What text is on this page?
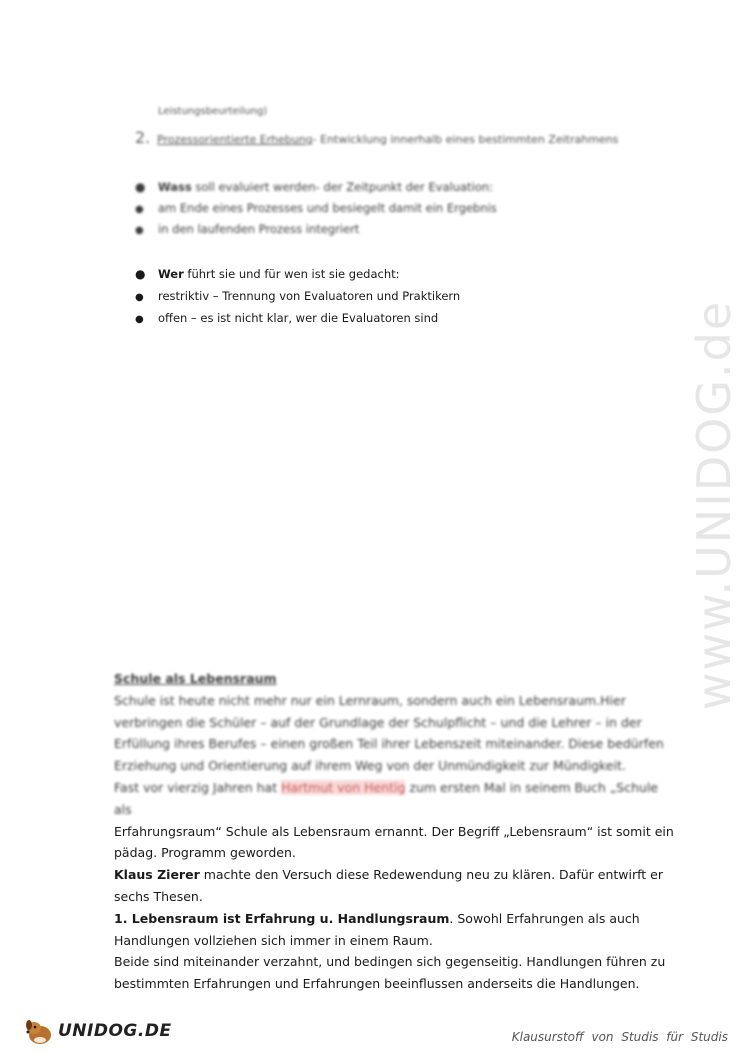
www.UNIDOG.de
Leistungsbeurteilung)
2. Prozessorientierte Erhebung - Entwicklung innerhalb eines bestimmten Zeitrahmens
●	Wass soll evaluiert werden- der Zeitpunkt der Evaluation:
●	am Ende eines Prozesses und besiegelt damit ein Ergebnis
●	in den laufenden Prozess integriert
●	Wer führt sie und für wen ist sie gedacht:
●	restriktiv – Trennung von Evaluatoren und Praktikern
●	offen – es ist nicht klar, wer die Evaluatoren sind

Schule als Lebensraum

Schule ist heute nicht mehr nur ein Lernraum, sondern auch ein Lebensraum.Hier

verbringen die Schüler – auf der Grundlage der Schulpflicht – und die Lehrer – in der

Erfüllung ihres Berufes – einen großen Teil ihrer Lebenszeit miteinander. Diese bedürfen

Erziehung und Orientierung auf ihrem Weg von der Unmündigkeit zur Mündigkeit.

Fast vor vierzig Jahren hat Hartmut von Hentig zum ersten Mal in seinem Buch „Schule als

Erfahrungsraum“ Schule als Lebensraum ernannt. Der Begriff „Lebensraum“ ist somit ein

pädag. Programm geworden.

Klaus Zierer machte den Versuch diese Redewendung neu zu klären. Dafür entwirft er

sechs Thesen.

1. Lebensraum ist Erfahrung u. Handlungsraum. Sowohl Erfahrungen als auch

Handlungen vollziehen sich immer in einem Raum.

Beide sind miteinander verzahnt, und bedingen sich gegenseitig. Handlungen führen zu

bestimmten Erfahrungen und Erfahrungen beeinflussen anderseits die Handlungen.

UNIDOG.DE	Klausurstoff von Studis für Studis
